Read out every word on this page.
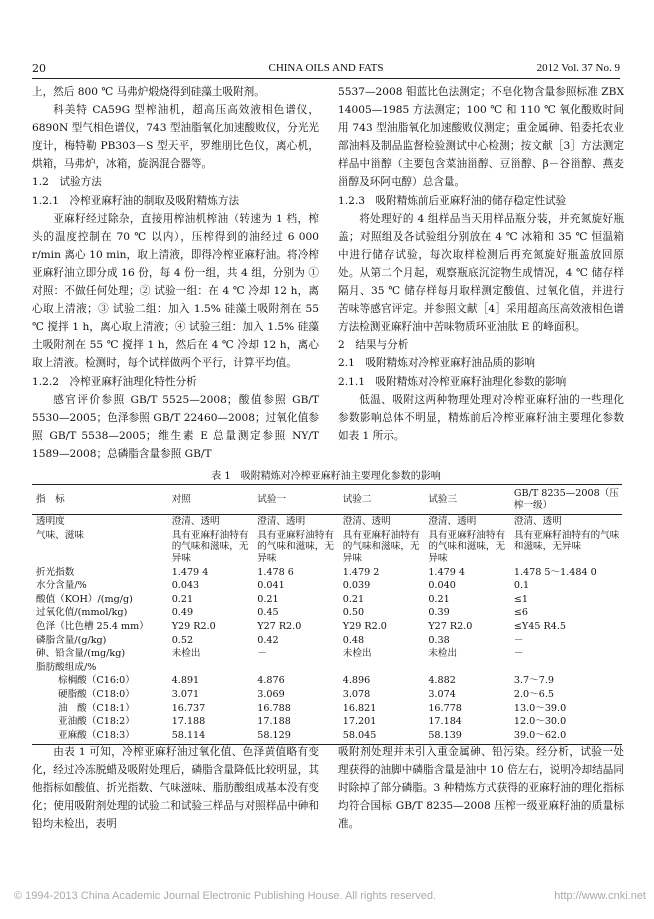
20	CHINA OILS AND FATS	2012 Vol. 37 No. 9

上，然后 800 ℃ 马弗炉煅烧得到硅藻土吸附剂。

科美特 CA59G 型榨油机，超高压高效液相色谱仪，6890N 型气相色谱仪，743 型油脂氧化加速酸败仪，分光光度计，梅特勒 PB303－S 型天平，罗维朋比色仪，离心机，烘箱，马弗炉，冰箱，旋涡混合器等。

1.2　试验方法

1.2.1　冷榨亚麻籽油的制取及吸附精炼方法

亚麻籽经过除杂，直接用榨油机榨油（转速为 1 档，榨头的温度控制在 70 ℃ 以内），压榨得到的油经过 6 000 r/min 离心 10 min，取上清液，即得冷榨亚麻籽油。将冷榨亚麻籽油立即分成 16 份，每 4 份一组，共 4 组，分别为 ① 对照：不做任何处理；② 试验一组：在 4 ℃ 冷却 12 h，离心取上清液；③ 试验二组：加入 1.5% 硅藻土吸附剂在 55 ℃ 搅拌 1 h，离心取上清液；④ 试验三组：加入 1.5% 硅藻土吸附剂在 55 ℃ 搅拌 1 h，然后在 4 ℃ 冷却 12 h，离心取上清液。检测时，每个试样做两个平行，计算平均值。

1.2.2　冷榨亚麻籽油理化特性分析

感官评价参照 GB/T 5525—2008；酸值参照 GB/T 5530—2005；色泽参照 GB/T 22460—2008；过氧化值参照 GB/T 5538—2005；维生素 E 总量测定参照 NY/T 1589—2008；总磷脂含量参照 GB/T

5537—2008 钼蓝比色法测定；不皂化物含量参照标准 ZBX 14005—1985 方法测定；100 ℃ 和 110 ℃ 氧化酸败时间用 743 型油脂氧化加速酸败仪测定；重金属砷、铅委托农业部油料及制品监督检验测试中心检测；按文献［3］方法测定样品中甾醇（主要包含菜油甾醇、豆甾醇、β－谷甾醇、燕麦甾醇及环阿屯醇）总含量。

1.2.3　吸附精炼前后亚麻籽油的储存稳定性试验

将处理好的 4 组样品当天用样品瓶分装，并充氮旋好瓶盖；对照组及各试验组分别放在 4 ℃ 冰箱和 35 ℃ 恒温箱中进行储存试验，每次取样检测后再充氮旋好瓶盖放回原处。从第二个月起，观察瓶底沉淀物生成情况，4 ℃ 储存样隔月、35 ℃ 储存样每月取样测定酸值、过氧化值，并进行苦味等感官评定。并参照文献［4］采用超高压高效液相色谱方法检测亚麻籽油中苦味物质环亚油肽 E 的峰面积。

2　结果与分析

2.1　吸附精炼对冷榨亚麻籽油品质的影响

2.1.1　吸附精炼对冷榨亚麻籽油理化参数的影响

低温、吸附这两种物理处理对冷榨亚麻籽油的一些理化参数影响总体不明显，精炼前后冷榨亚麻籽油主要理化参数如表 1 所示。

表 1　吸附精炼对冷榨亚麻籽油主要理化参数的影响
指　标	对照	试验一	试验二	试验三	GB/T 8235—2008（压榨一级）
透明度	澄清、透明	澄清、透明	澄清、透明	澄清、透明	澄清、透明
气味、滋味	具有亚麻籽油特有的气味和滋味，无异味	具有亚麻籽油特有的气味和滋味，无异味	具有亚麻籽油特有的气味和滋味，无异味	具有亚麻籽油特有的气味和滋味，无异味	具有亚麻籽油特有的气味和滋味，无异味
折光指数	1.479 4	1.478 6	1.479 2	1.479 4	1.478 5～1.484 0
水分含量/%	0.043	0.041	0.039	0.040	0.1
酸值（KOH）/(mg/g)	0.21	0.21	0.21	0.21	≤1
过氧化值/(mmol/kg)	0.49	0.45	0.50	0.39	≤6
色泽（比色槽 25.4 mm）	Y29 R2.0	Y27 R2.0	Y29 R2.0	Y27 R2.0	≤Y45 R4.5
磷脂含量/(g/kg)	0.52	0.42	0.48	0.38	－
砷、铅含量/(mg/kg)	未检出	－	未检出	未检出	－
脂肪酸组成/%					
棕榈酸（C16:0）	4.891	4.876	4.896	4.882	3.7～7.9
硬脂酸（C18:0）	3.071	3.069	3.078	3.074	2.0～6.5
油　酸（C18:1）	16.737	16.788	16.821	16.778	13.0～39.0
亚油酸（C18:2）	17.188	17.188	17.201	17.184	12.0～30.0
亚麻酸（C18:3）	58.114	58.129	58.045	58.139	39.0～62.0

由表 1 可知，冷榨亚麻籽油过氧化值、色泽黄值略有变化，经过冷冻脱蜡及吸附处理后，磷脂含量降低比较明显，其他指标如酸值、折光指数、气味滋味、脂肪酸组成基本没有变化；使用吸附剂处理的试验二和试验三样品与对照样品中砷和铅均未检出，表明

吸附剂处理并未引入重金属砷、铅污染。经分析，试验一处理获得的油脚中磷脂含量是油中 10 倍左右，说明冷却结晶同时除掉了部分磷脂。3 种精炼方式获得的亚麻籽油的理化指标均符合国标 GB/T 8235—2008 压榨一级亚麻籽油的质量标准。

© 1994-2013 China Academic Journal Electronic Publishing House. All rights reserved.	http://www.cnki.net
